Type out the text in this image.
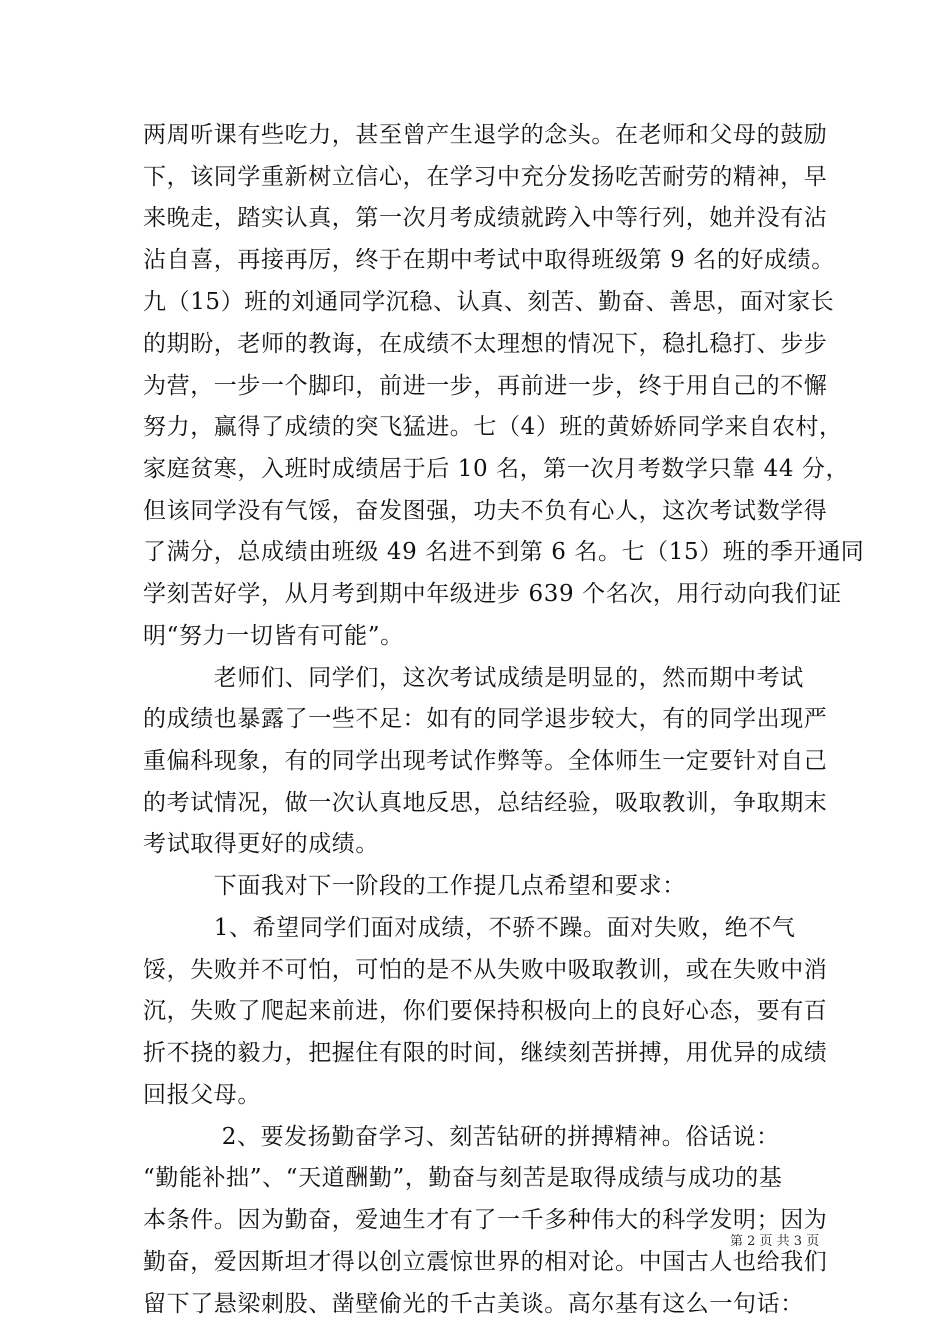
两周听课有些吃力，甚至曾产生退学的念头。在老师和父母的鼓励
下，该同学重新树立信心，在学习中充分发扬吃苦耐劳的精神，早
来晚走，踏实认真，第一次月考成绩就跨入中等行列，她并没有沾
沾自喜，再接再厉，终于在期中考试中取得班级第 9 名的好成绩。
九（15）班的刘通同学沉稳、认真、刻苦、勤奋、善思，面对家长
的期盼，老师的教诲，在成绩不太理想的情况下，稳扎稳打、步步
为营，一步一个脚印，前进一步，再前进一步，终于用自己的不懈
努力，赢得了成绩的突飞猛进。七（4）班的黄娇娇同学来自农村，
家庭贫寒，入班时成绩居于后 10 名，第一次月考数学只靠 44 分，
但该同学没有气馁，奋发图强，功夫不负有心人，这次考试数学得
了满分，总成绩由班级 49 名进不到第 6 名。七（15）班的季开通同
学刻苦好学，从月考到期中年级进步 639 个名次，用行动向我们证
明“努力一切皆有可能”。
　　　老师们、同学们，这次考试成绩是明显的，然而期中考试
的成绩也暴露了一些不足：如有的同学退步较大，有的同学出现严
重偏科现象，有的同学出现考试作弊等。全体师生一定要针对自己
的考试情况，做一次认真地反思，总结经验，吸取教训，争取期末
考试取得更好的成绩。
　　　下面我对下一阶段的工作提几点希望和要求：
　　　1、希望同学们面对成绩，不骄不躁。面对失败，绝不气
馁，失败并不可怕，可怕的是不从失败中吸取教训，或在失败中消
沉，失败了爬起来前进，你们要保持积极向上的良好心态，要有百
折不挠的毅力，把握住有限的时间，继续刻苦拼搏，用优异的成绩
回报父母。
　　　 2、要发扬勤奋学习、刻苦钻研的拼搏精神。俗话说：
“勤能补拙”、“天道酬勤”，勤奋与刻苦是取得成绩与成功的基
本条件。因为勤奋，爱迪生才有了一千多种伟大的科学发明；因为
勤奋，爱因斯坦才得以创立震惊世界的相对论。中国古人也给我们
留下了悬梁刺股、凿壁偷光的千古美谈。高尔基有这么一句话：
第 2 页 共 3 页
